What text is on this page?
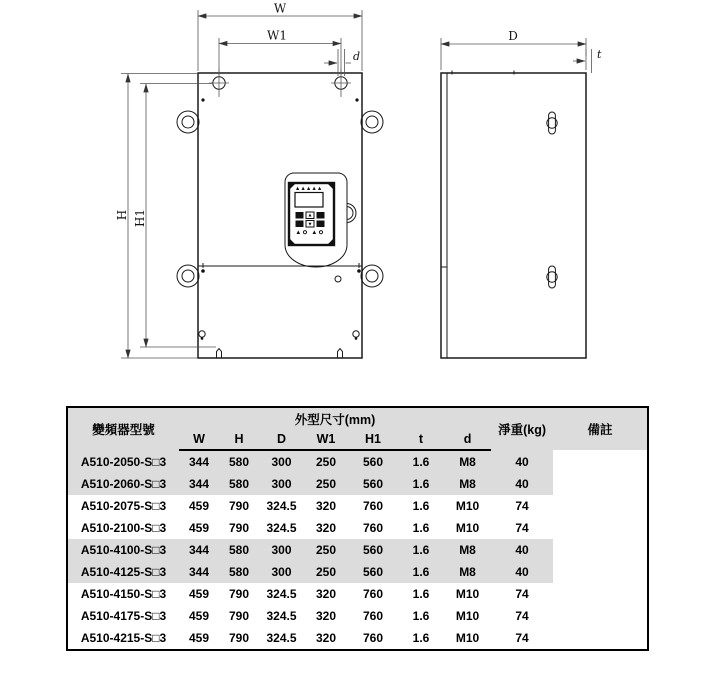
W
W1
d
H H1
D
t
變頻器型號	外型尺寸(mm)							淨重(kg)	備註
	W	H	D	W1	H1	t	d		
A510-2050-S□3	344	580	300	250	560	1.6	M8	40	
A510-2060-S□3	344	580	300	250	560	1.6	M8	40	
A510-2075-S□3	459	790	324.5	320	760	1.6	M10	74	
A510-2100-S□3	459	790	324.5	320	760	1.6	M10	74	
A510-4100-S□3	344	580	300	250	560	1.6	M8	40	
A510-4125-S□3	344	580	300	250	560	1.6	M8	40	
A510-4150-S□3	459	790	324.5	320	760	1.6	M10	74	
A510-4175-S□3	459	790	324.5	320	760	1.6	M10	74	
A510-4215-S□3	459	790	324.5	320	760	1.6	M10	74	
